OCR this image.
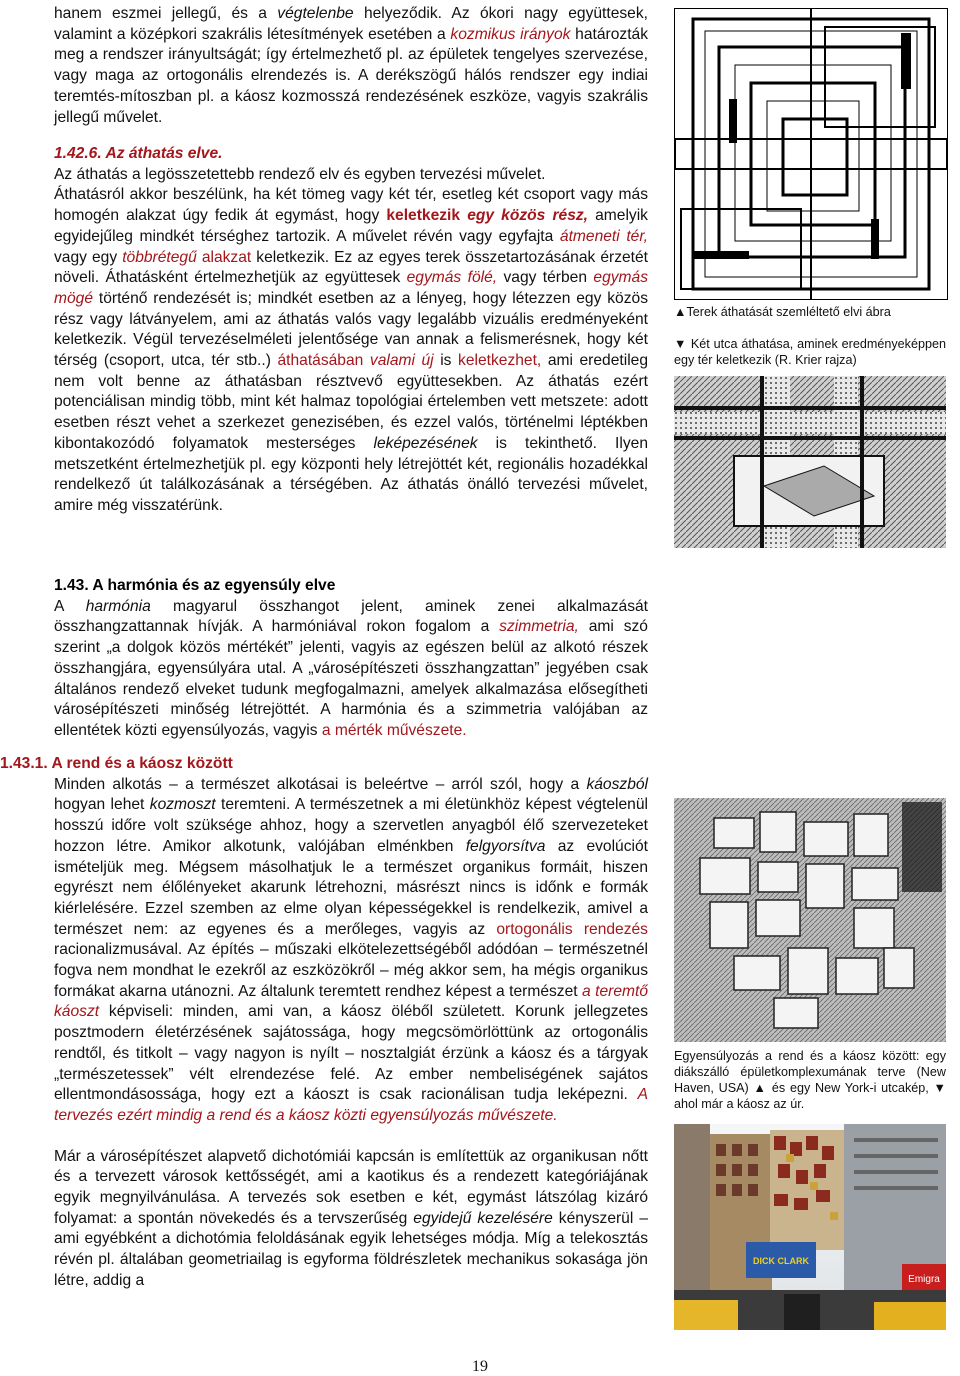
hanem eszmei jellegű, és a végtelenbe helyeződik. Az ókori nagy együttesek, valamint a középkori szakrális létesítmények esetében a kozmikus irányok határozták meg a rendszer irányultságát; így értelmezhető pl. az épületek tengelyes szervezése, vagy maga az ortogonális elrendezés is. A derékszögű hálós rendszer egy indiai teremtés-mítoszban pl. a káosz kozmosszá rendezésének eszköze, vagyis szakrális jellegű művelet.

1.42.6. Az áthatás elve.

Az áthatás a legösszetettebb rendező elv és egyben tervezési művelet.

Áthatásról akkor beszélünk, ha két tömeg vagy két tér, esetleg két csoport vagy más homogén alakzat úgy fedik át egymást, hogy keletkezik egy közös rész, amelyik egyidejűleg mindkét térséghez tartozik. A művelet révén vagy egyfajta átmeneti tér, vagy egy többrétegű alakzat keletkezik. Ez az egyes terek összetartozásának érzetét növeli. Áthatásként értelmezhetjük az együttesek egymás fölé, vagy térben egymás mögé történő rendezését is; mindkét esetben az a lényeg, hogy létezzen egy közös rész vagy látványelem, ami az áthatás valós vagy legalább vizuális eredményeként keletkezik. Végül tervezéselméleti jelentősége van annak a felismerésnek, hogy két térség (csoport, utca, tér stb..) áthatásában valami új is keletkezhet, ami eredetileg nem volt benne az áthatásban résztvevő együttesekben. Az áthatás ezért potenciálisan mindig több, mint két halmaz topológiai értelemben vett metszete: adott esetben részt vehet a szerkezet genezisében, és ezzel valós, történelmi léptékben kibontakozódó folyamatok mesterséges leképezésének is tekinthető. Ilyen metszetként értelmezhetjük pl. egy központi hely létrejöttét két, regionális hozadékkal rendelkező út találkozásának a térségében. Az áthatás önálló tervezési művelet, amire még visszatérünk.

1.43. A harmónia és az egyensúly elve

A harmónia magyarul összhangot jelent, aminek zenei alkalmazását összhangzattannak hívják. A harmóniával rokon fogalom a szimmetria, ami szó szerint „a dolgok közös mértékét” jelenti, vagyis az egészen belül az alkotó részek összhangjára, egyensúlyára utal. A „városépítészeti összhangzattan” jegyében csak általános rendező elveket tudunk megfogalmazni, amelyek alkalmazása elősegítheti városépítészeti minőség létrejöttét. A harmónia és a szimmetria valójában az ellentétek közti egyensúlyozás, vagyis a mérték művészete.

1.43.1. A rend és a káosz között

Minden alkotás – a természet alkotásai is beleértve – arról szól, hogy a káoszból hogyan lehet kozmoszt teremteni. A természetnek a mi életünkhöz képest végtelenül hosszú időre volt szüksége ahhoz, hogy a szervetlen anyagból élő szervezeteket hozzon létre. Amikor alkotunk, valójában elménkben felgyorsítva az evolúciót ismételjük meg. Mégsem másolhatjuk le a természet organikus formáit, hiszen egyrészt nem élőlényeket akarunk létrehozni, másrészt nincs is időnk e formák kiérlelésére. Ezzel szemben az elme olyan képességekkel is rendelkezik, amivel a természet nem: az egyenes és a merőleges, vagyis az ortogonális rendezés racionalizmusával. Az építés – műszaki elkötelezettségéből adódóan – természetnél fogva nem mondhat le ezekről az eszközökről – még akkor sem, ha mégis organikus formákat akarna utánozni. Az általunk teremtett rendhez képest a természet a teremtő káoszt képviseli: minden, ami van, a káosz öléből született. Korunk jellegzetes posztmodern életérzésének sajátossága, hogy megcsömörlöttünk az ortogonális rendtől, és titkolt – vagy nagyon is nyílt – nosztalgiát érzünk a káosz és a tárgyak „természetessek” vélt elrendezése felé. Az ember nembeliségének sajátos ellentmondásossága, hogy ezt a káoszt is csak racionálisan tudja leképezni. A tervezés ezért mindig a rend és a káosz közti egyensúlyozás művészete.

Már a városépítészet alapvető dichotómiái kapcsán is említettük az organikusan nőtt és a tervezett városok kettősségét, ami a kaotikus és a rendezett kategóriájának egyik megnyilvánulása. A tervezés sok esetben e két, egymást látszólag kizáró folyamat: a spontán növekedés és a tervszerűség egyidejű kezelésére kényszerül – ami egyébként a dichotómia feloldásának egyik lehetséges módja. Míg a telekosztás révén pl. általában geometriailag is egyforma földrészletek mechanikus sokasága jön létre, addig a

▲Terek áthatását szemléltető elvi ábra
▼ Két utca áthatása, aminek eredményeképpen egy tér keletkezik (R. Krier rajza)
Egyensúlyozás a rend és a káosz között: egy diákszálló épületkomplexumának terve (New Haven, USA) ▲ és egy New York-i utcakép, ▼ ahol már a káosz az úr.
DICK CLARK
Emigra
19
